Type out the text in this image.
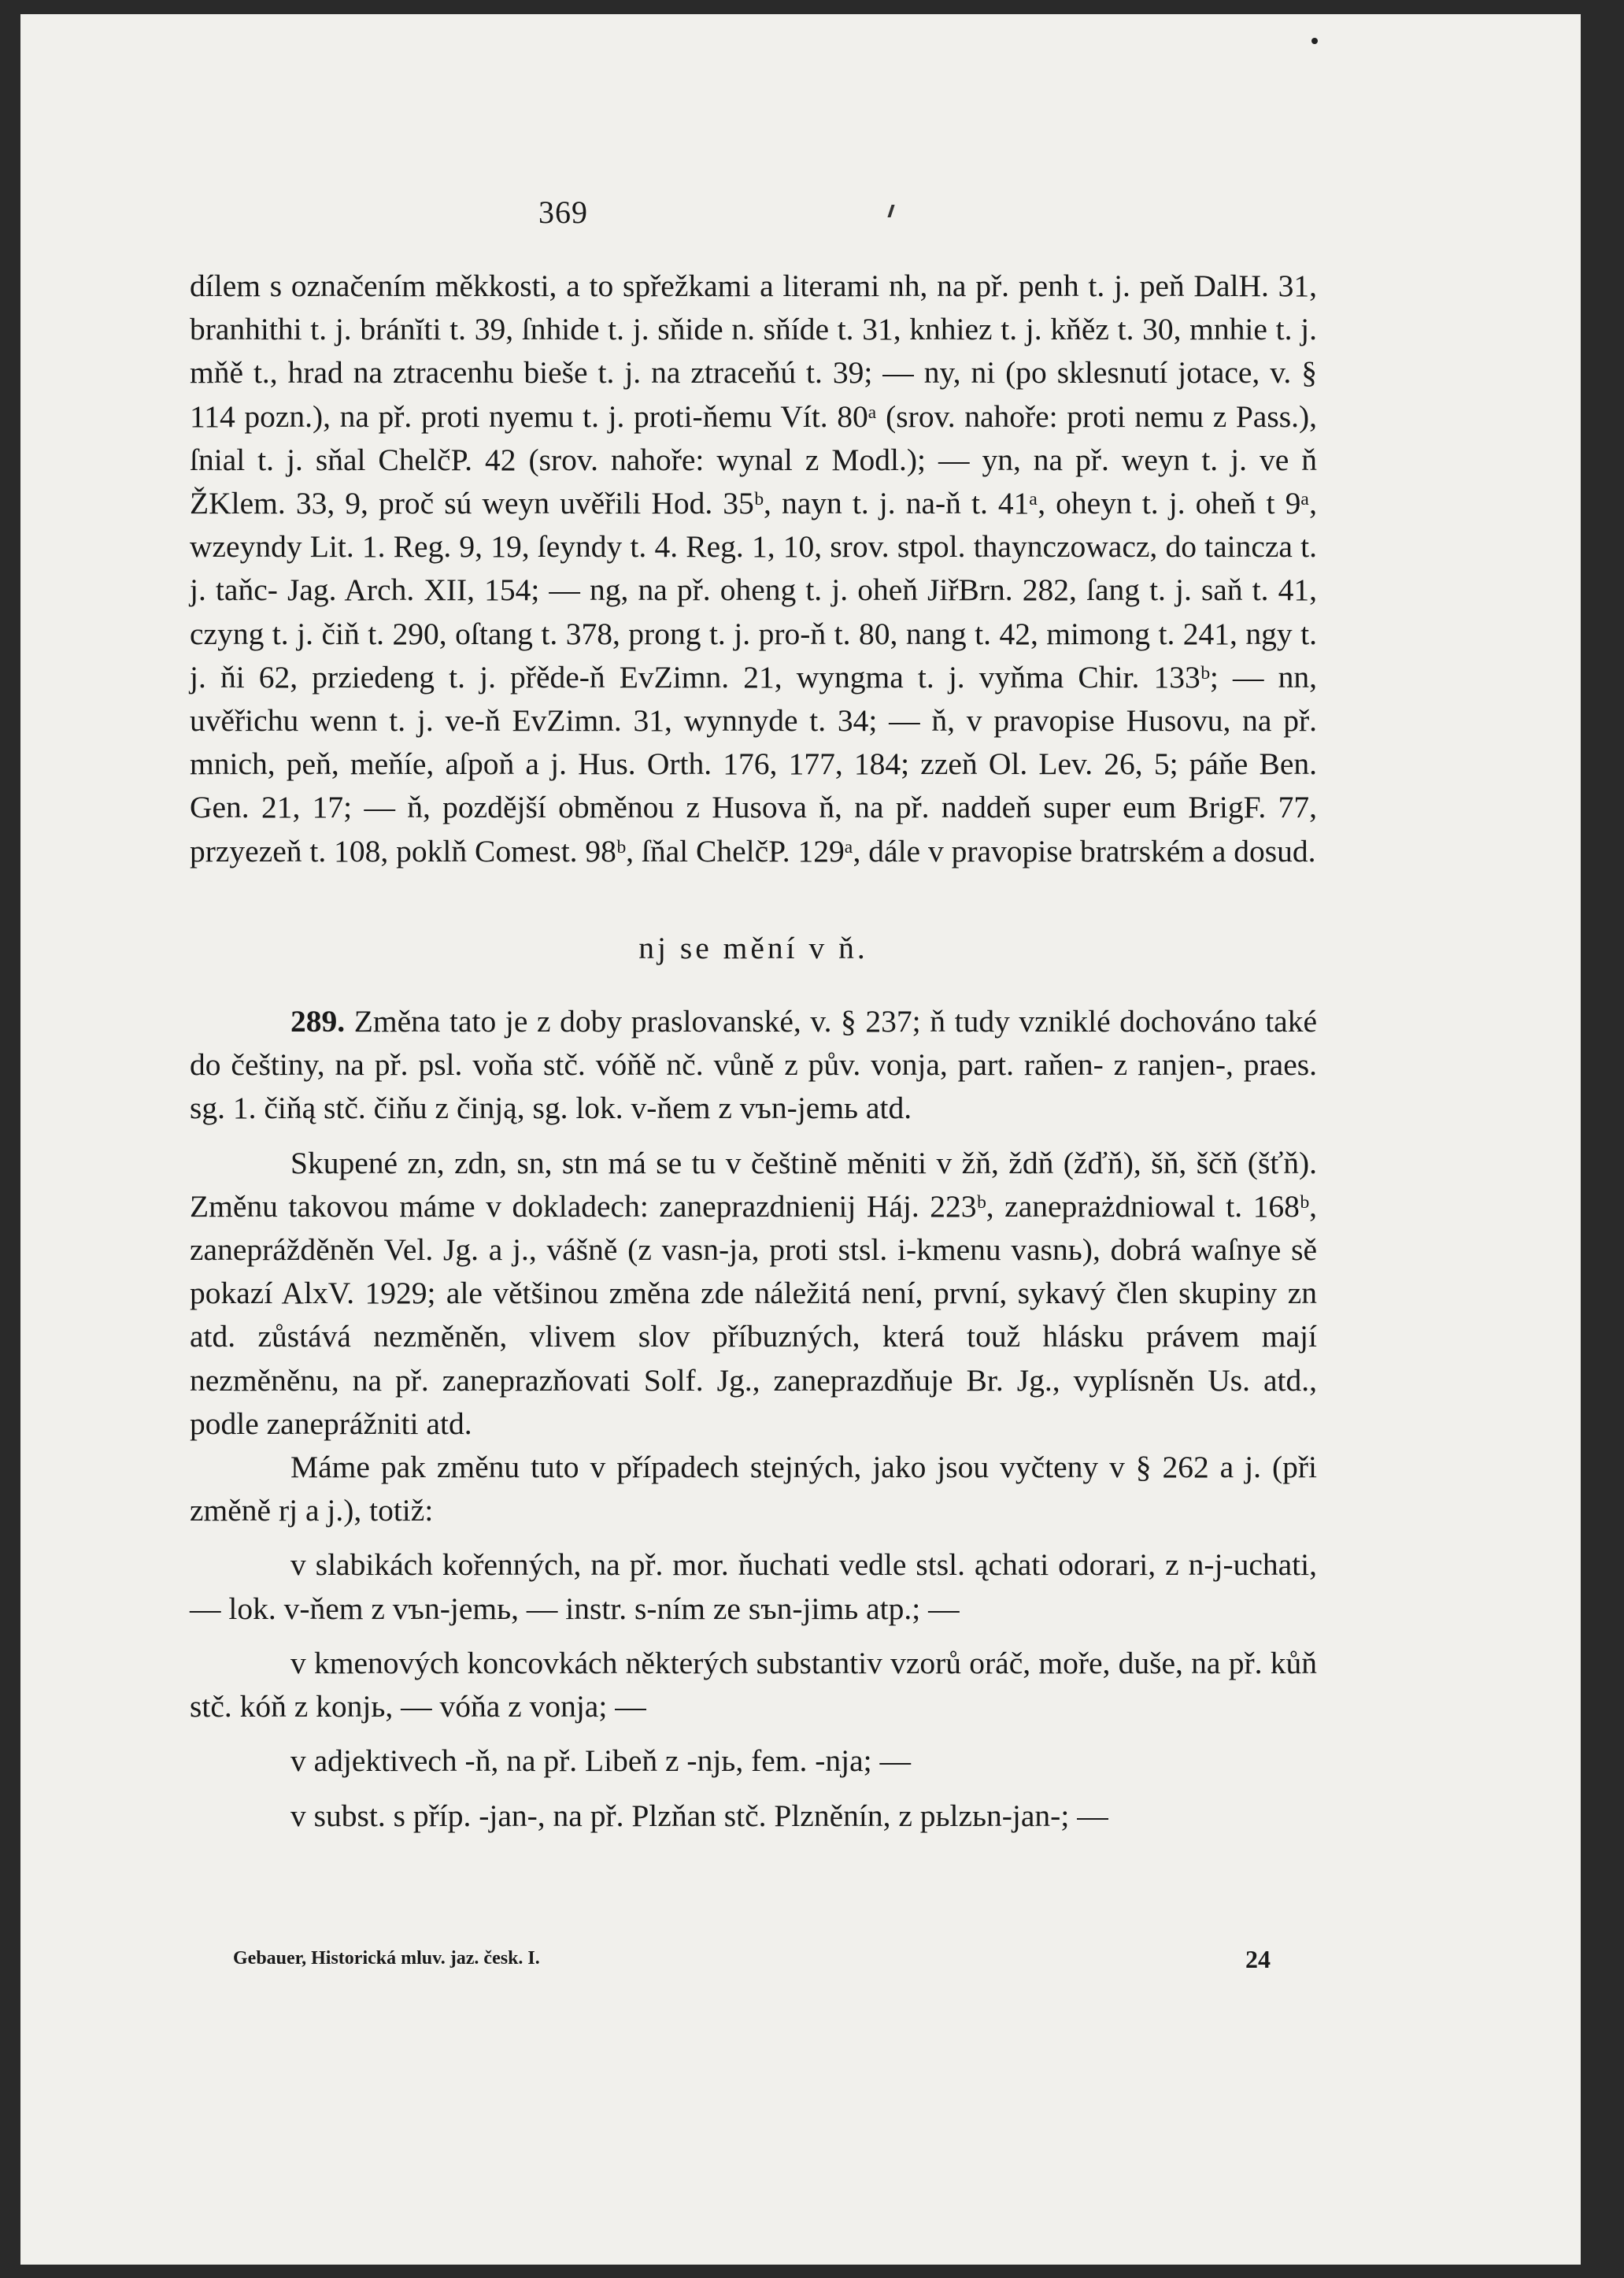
369

dílem s označením měkkosti, a to spřežkami a literami nh, na př. penh t. j. peň DalH. 31, branhithi t. j. bránĭti t. 39, ſnhide t. j. sňide n. sňíde t. 31, knhiez t. j. kňěz t. 30, mnhie t. j. mňě t., hrad na ztracenhu bieše t. j. na ztraceňú t. 39; — ny, ni (po sklesnutí jotace, v. § 114 pozn.), na př. proti nyemu t. j. proti-ňemu Vít. 80ᵃ (srov. nahoře: proti nemu z Pass.), ſnial t. j. sňal ChelčP. 42 (srov. nahoře: wynal z Modl.); — yn, na př. weyn t. j. ve ň ŽKlem. 33, 9, proč sú weyn uvěřili Hod. 35ᵇ, nayn t. j. na-ň t. 41ᵃ, oheyn t. j. oheň t 9ᵃ, wzeyndy Lit. 1. Reg. 9, 19, ſeyndy t. 4. Reg. 1, 10, srov. stpol. thaynczowacz, do taincza t. j. taňc- Jag. Arch. XII, 154; — ng, na př. oheng t. j. oheň JiřBrn. 282, ſang t. j. saň t. 41, czyng t. j. čiň t. 290, oſtang t. 378, prong t. j. pro-ň t. 80, nang t. 42, mimong t. 241, ngy t. j. ňi 62, prziedeng t. j. přěde-ň EvZimn. 21, wyngma t. j. vyňma Chir. 133ᵇ; — nn, uvěřichu wenn t. j. ve-ň EvZimn. 31, wynnyde t. 34; — ň, v pravopise Husovu, na př. mnich, peň, meňíe, aſpoň a j. Hus. Orth. 176, 177, 184; zzeň Ol. Lev. 26, 5; páňe Ben. Gen. 21, 17; — ň, pozdější obměnou z Husova ň, na př. naddeň super eum BrigF. 77, przyezeň t. 108, poklň Comest. 98ᵇ, ſňal ChelčP. 129ᵃ, dále v pravopise bratrském a dosud.

nj se mění v ň.

289. Změna tato je z doby praslovanské, v. § 237; ň tudy vzniklé dochováno také do češtiny, na př. psl. voňa stč. vóňě nč. vůně z pův. vonja, part. raňen- z ranjen-, praes. sg. 1. čiňą stč. čiňu z činją, sg. lok. v-ňem z vъn-jemь atd.

Skupené zn, zdn, sn, stn má se tu v češtině měniti v žň, ždň (žďň), šň, ščň (šťň). Změnu takovou máme v dokladech: zaneprazdnienij Háj. 223ᵇ, zaneprażdniowal t. 168ᵇ, zaneprážděněn Vel. Jg. a j., vášně (z vasn-ja, proti stsl. i-kmenu vasnь), dobrá waſnye sě pokazí AlxV. 1929; ale většinou změna zde náležitá není, první, sykavý člen skupiny zn atd. zůstává nezměněn, vlivem slov příbuzných, která touž hlásku právem mají nezměněnu, na př. zaneprazňovati Solf. Jg., zaneprazdňuje Br. Jg., vyplísněn Us. atd., podle zaneprážniti atd.

Máme pak změnu tuto v případech stejných, jako jsou vyčteny v § 262 a j. (při změně rj a j.), totiž:

v slabikách kořenných, na př. mor. ňuchati vedle stsl. ąchati odorari, z n-j-uchati, — lok. v-ňem z vъn-jemь, — instr. s-ním ze sъn-jimь atp.; —

v kmenových koncovkách některých substantiv vzorů oráč, moře, duše, na př. kůň stč. kóň z konjь, — vóňa z vonja; —

v adjektivech -ň, na př. Libeň z -njь, fem. -nja; —

v subst. s příp. -jan-, na př. Plzňan stč. Plzněnín, z pьlzьn-jan-; —

Gebauer, Historická mluv. jaz. česk. I.	24
